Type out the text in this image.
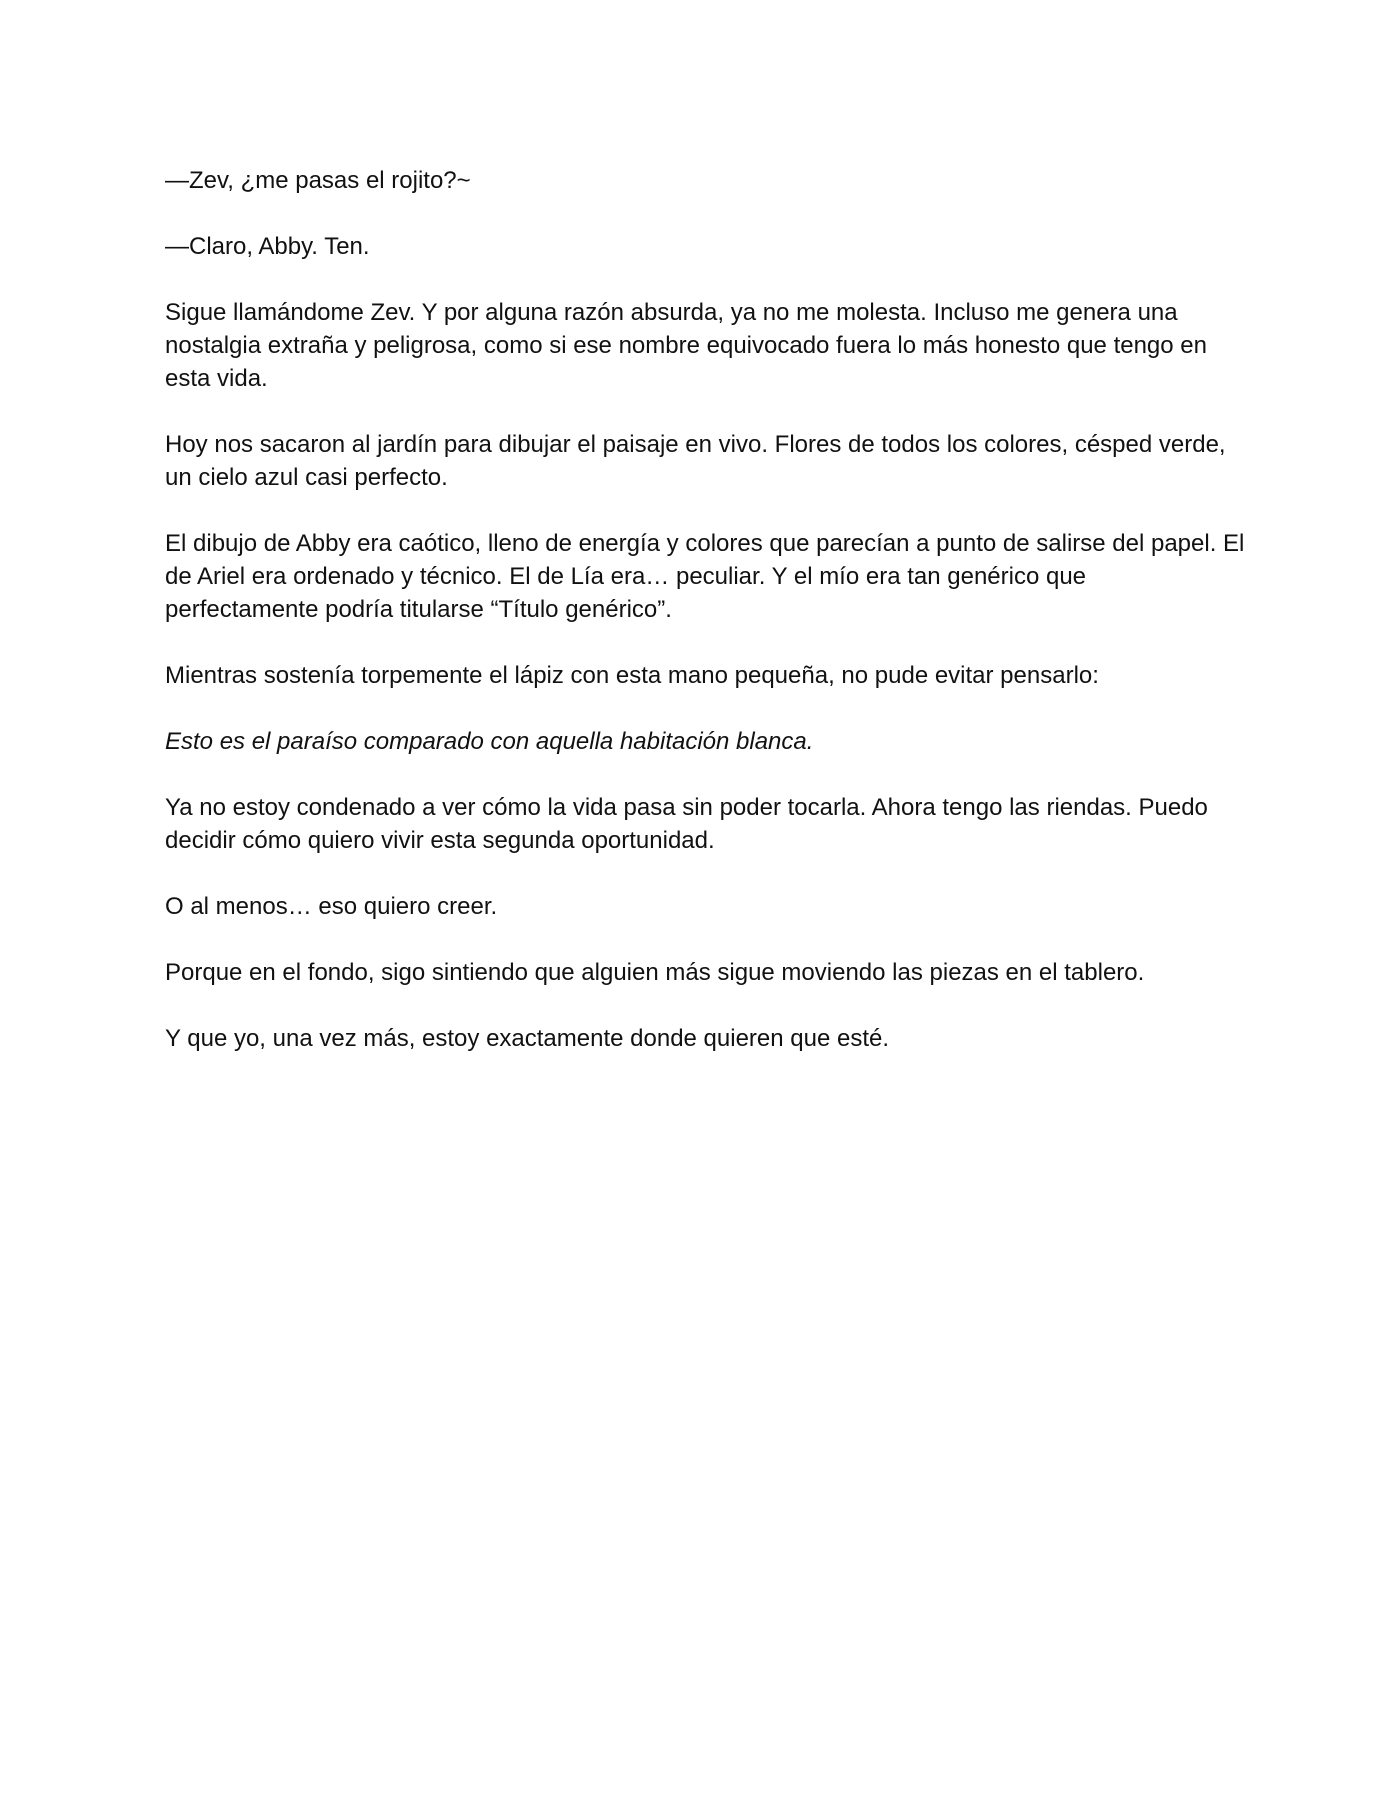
—Zev, ¿me pasas el rojito?~

—Claro, Abby. Ten.

Sigue llamándome Zev. Y por alguna razón absurda, ya no me molesta. Incluso me genera una nostalgia extraña y peligrosa, como si ese nombre equivocado fuera lo más honesto que tengo en esta vida.

Hoy nos sacaron al jardín para dibujar el paisaje en vivo. Flores de todos los colores, césped verde, un cielo azul casi perfecto.

El dibujo de Abby era caótico, lleno de energía y colores que parecían a punto de salirse del papel. El de Ariel era ordenado y técnico. El de Lía era… peculiar. Y el mío era tan genérico que perfectamente podría titularse “Título genérico”.

Mientras sostenía torpemente el lápiz con esta mano pequeña, no pude evitar pensarlo:

Esto es el paraíso comparado con aquella habitación blanca.

Ya no estoy condenado a ver cómo la vida pasa sin poder tocarla. Ahora tengo las riendas. Puedo decidir cómo quiero vivir esta segunda oportunidad.

O al menos… eso quiero creer.

Porque en el fondo, sigo sintiendo que alguien más sigue moviendo las piezas en el tablero.

Y que yo, una vez más, estoy exactamente donde quieren que esté.
